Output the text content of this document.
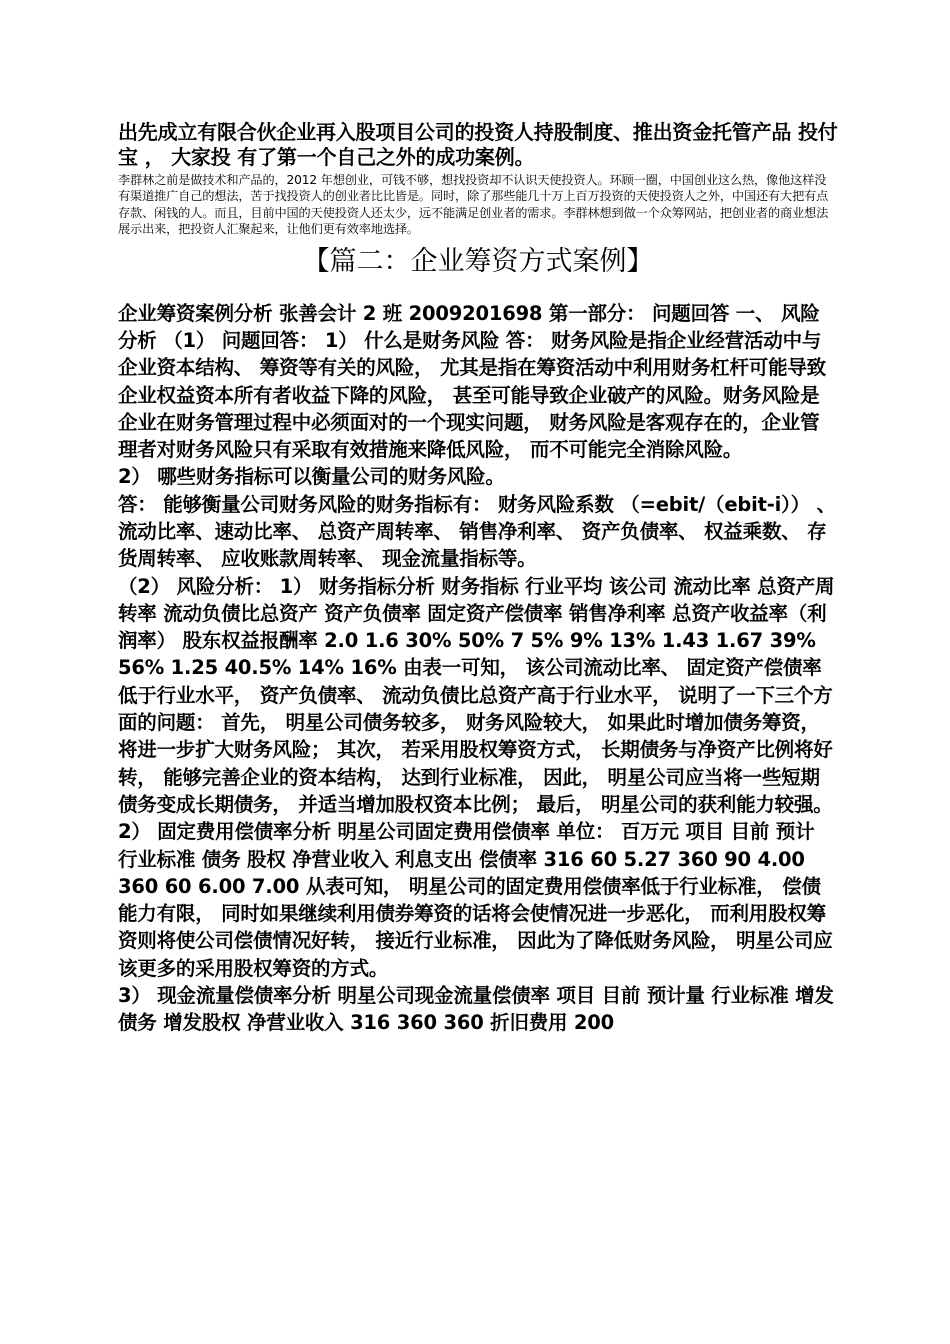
出先成立有限合伙企业再入股项目公司的投资人持股制度、推出资金托管产品 投付宝 ， 大家投 有了第一个自己之外的成功案例。
李群林之前是做技术和产品的，2012 年想创业，可钱不够，想找投资却不认识天使投资人。环顾一圈，中国创业这么热，像他这样没有渠道推广自己的想法，苦于找投资人的创业者比比皆是。同时，除了那些能几十万上百万投资的天使投资人之外，中国还有大把有点存款、闲钱的人。而且，目前中国的天使投资人还太少，远不能满足创业者的需求。李群林想到做一个众筹网站，把创业者的商业想法展示出来，把投资人汇聚起来，让他们更有效率地选择。
【篇二：企业筹资方式案例】

企业筹资案例分析 张善会计 2 班 2009201698 第一部分： 问题回答 一、 风险分析 （1） 问题回答： 1） 什么是财务风险 答： 财务风险是指企业经营活动中与企业资本结构、 筹资等有关的风险， 尤其是指在筹资活动中利用财务杠杆可能导致企业权益资本所有者收益下降的风险， 甚至可能导致企业破产的风险。财务风险是企业在财务管理过程中必须面对的一个现实问题， 财务风险是客观存在的，企业管理者对财务风险只有采取有效措施来降低风险， 而不可能完全消除风险。

2） 哪些财务指标可以衡量公司的财务风险。

答： 能够衡量公司财务风险的财务指标有： 财务风险系数 （=ebit/（ebit-i）） 、 流动比率、速动比率、 总资产周转率、 销售净利率、 资产负债率、 权益乘数、 存货周转率、 应收账款周转率、 现金流量指标等。

（2） 风险分析： 1） 财务指标分析 财务指标 行业平均 该公司 流动比率 总资产周转率 流动负债比总资产 资产负债率 固定资产偿债率 销售净利率 总资产收益率（利润率） 股东权益报酬率 2.0 1.6 30% 50% 7 5% 9% 13% 1.43 1.67 39% 56% 1.25 40.5% 14% 16% 由表一可知， 该公司流动比率、 固定资产偿债率低于行业水平， 资产负债率、 流动负债比总资产高于行业水平， 说明了一下三个方面的问题： 首先， 明星公司债务较多， 财务风险较大， 如果此时增加债务筹资， 将进一步扩大财务风险； 其次， 若采用股权筹资方式， 长期债务与净资产比例将好转， 能够完善企业的资本结构， 达到行业标准， 因此， 明星公司应当将一些短期债务变成长期债务， 并适当增加股权资本比例； 最后， 明星公司的获利能力较强。

2） 固定费用偿债率分析 明星公司固定费用偿债率 单位： 百万元 项目 目前 预计 行业标准 债务 股权 净营业收入 利息支出 偿债率 316 60 5.27 360 90 4.00 360 60 6.00 7.00 从表可知， 明星公司的固定费用偿债率低于行业标准， 偿债能力有限， 同时如果继续利用债券筹资的话将会使情况进一步恶化， 而利用股权筹资则将使公司偿债情况好转， 接近行业标准， 因此为了降低财务风险， 明星公司应该更多的采用股权筹资的方式。

3） 现金流量偿债率分析 明星公司现金流量偿债率 项目 目前 预计量 行业标准 增发债务 增发股权 净营业收入 316 360 360 折旧费用 200
